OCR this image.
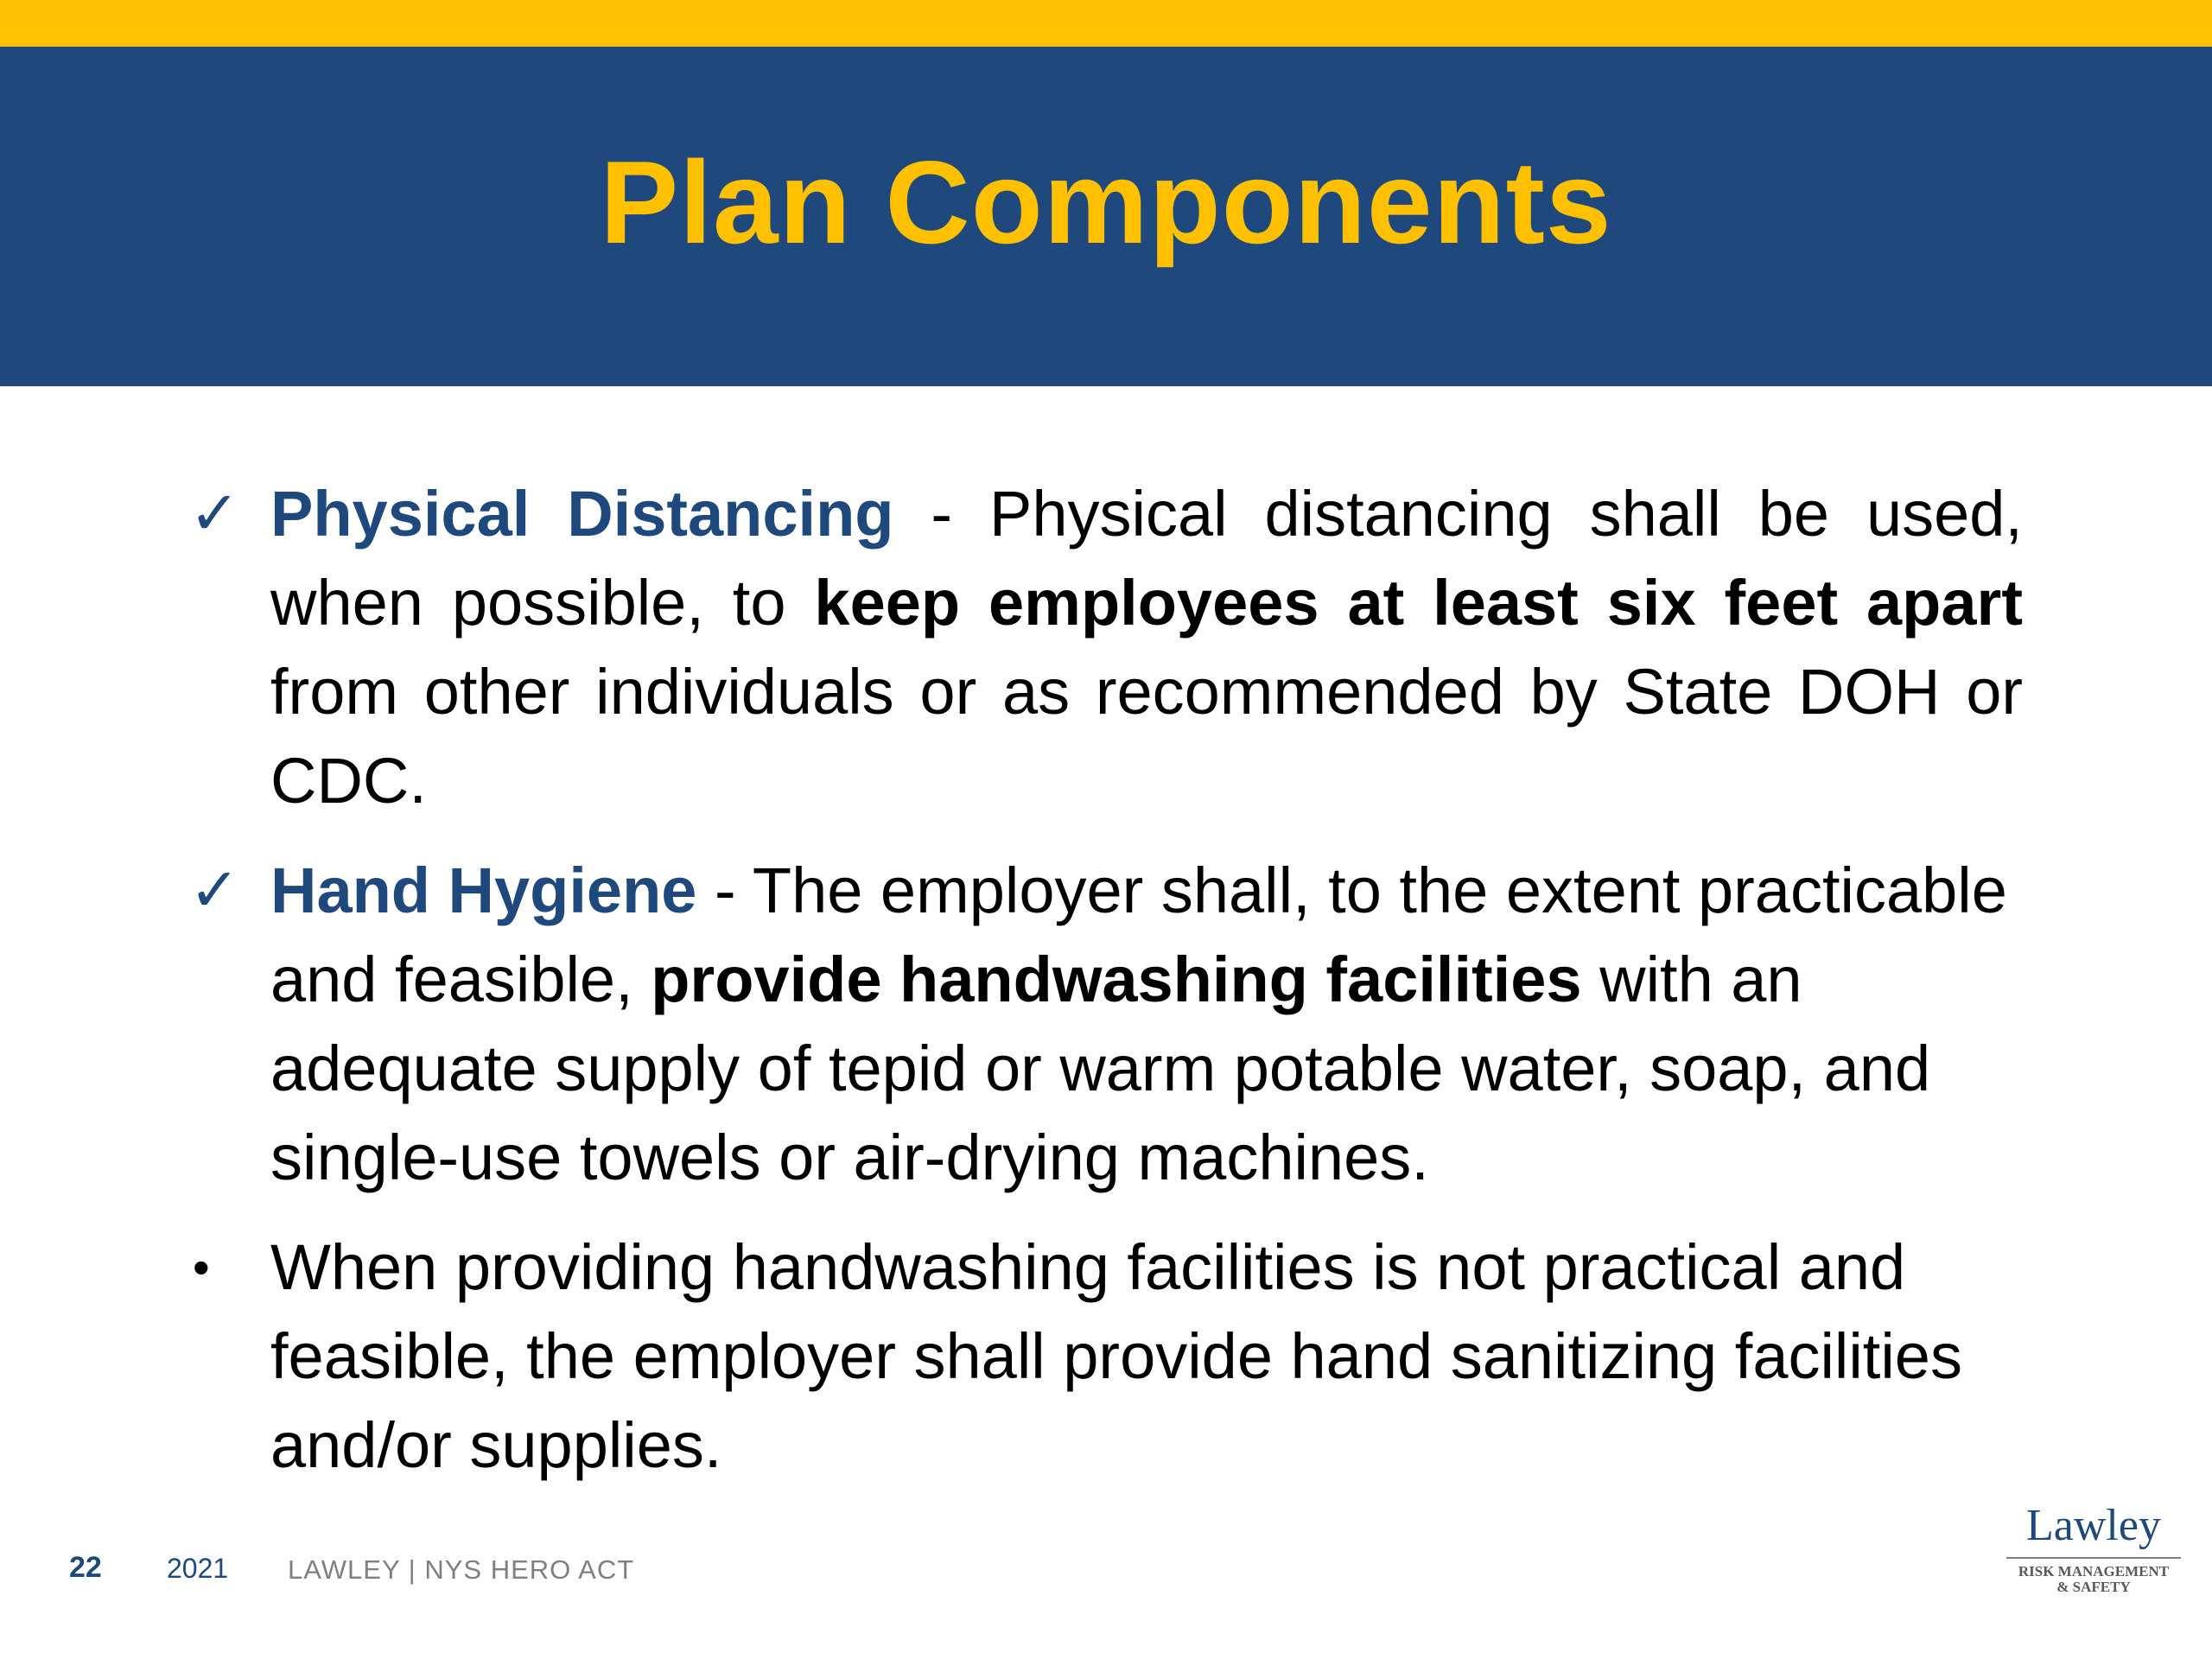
Plan Components
✓ Physical Distancing - Physical distancing shall be used, when possible, to keep employees at least six feet apart from other individuals or as recommended by State DOH or CDC.
✓ Hand Hygiene - The employer shall, to the extent practicable and feasible, provide handwashing facilities with an adequate supply of tepid or warm potable water, soap, and single-use towels or air-drying machines.
• When providing handwashing facilities is not practical and feasible, the employer shall provide hand sanitizing facilities and/or supplies.
22 2021 LAWLEY | NYS HERO ACT
Lawley
RISK MANAGEMENT
& SAFETY
